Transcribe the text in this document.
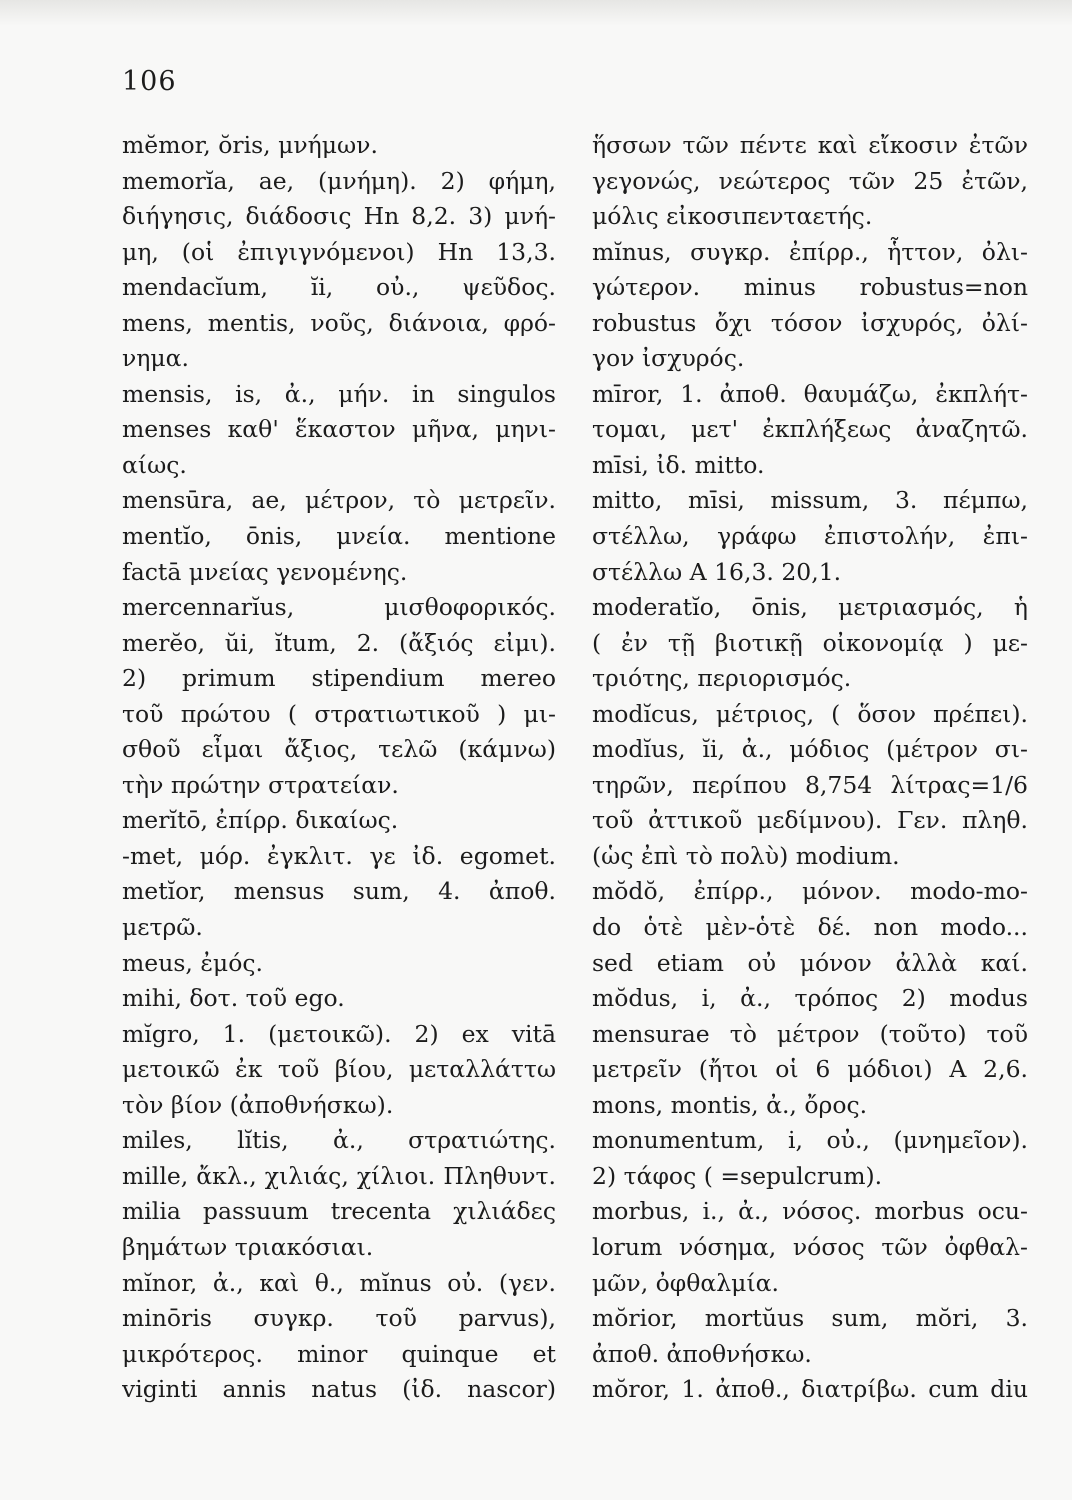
106
mĕmor, ŏris, μνήμων.
memorĭa, ae, (μνήμη). 2) φήμη,
διήγησις, διάδοσις Hn 8,2. 3) μνή-
μη, (οἱ ἐπιγιγνόμενοι) Hn 13,3.
mendacĭum, ĭi, οὐ., ψεῦδος.
mens, mentis, νοῦς, διάνοια, φρό-
νημα.
mensis, is, ἀ., μήν. in singulos
menses καθ' ἕκαστον μῆνα, μηνι-
αίως.
mensūra, ae, μέτρον, τὸ μετρεῖν.
mentĭo, ōnis, μνεία. mentione
factā μνείας γενομένης.
mercennarĭus, μισθοφορικός.
merĕo, ŭi, ĭtum, 2. (ἄξιός εἰμι).
2) primum stipendium mereo
τοῦ πρώτου ( στρατιωτικοῦ ) μι-
σθοῦ εἶμαι ἄξιος, τελῶ (κάμνω)
τὴν πρώτην στρατείαν.
merĭtō, ἐπίρρ. δικαίως.
-met, μόρ. ἐγκλιτ. γε ἰδ. egomet.
metĭor, mensus sum, 4. ἀποθ.
μετρῶ.
meus, ἐμός.
mihi, δοτ. τοῦ ego.
mĭgro, 1. (μετοικῶ). 2) ex vitā
μετοικῶ ἐκ τοῦ βίου, μεταλλάττω
τὸν βίον (ἀποθνήσκω).
miles, lĭtis, ἀ., στρατιώτης.
mille, ἄκλ., χιλιάς, χίλιοι. Πληθυντ.
milia passuum trecenta χιλιάδες
βημάτων τριακόσιαι.
mĭnor, ἀ., καὶ θ., mĭnus οὐ. (γεν.
minōris συγκρ. τοῦ parvus),
μικρότερος. minor quinque et
viginti annis natus (ἰδ. nascor)
ἥσσων τῶν πέντε καὶ εἴκοσιν ἐτῶν
γεγονώς, νεώτερος τῶν 25 ἐτῶν,
μόλις εἰκοσιπενταετής.
mĭnus, συγκρ. ἐπίρρ., ἧττον, ὀλι-
γώτερον. minus robustus=non
robustus ὄχι τόσον ἰσχυρός, ὀλί-
γον ἰσχυρός.
mīror, 1. ἀποθ. θαυμάζω, ἐκπλήτ-
τομαι, μετ' ἐκπλήξεως ἀναζητῶ.
mīsi, ἰδ. mitto.
mitto, mīsi, missum, 3. πέμπω,
στέλλω, γράφω ἐπιστολήν, ἐπι-
στέλλω A 16,3. 20,1.
moderatĭo, ōnis, μετριασμός, ἡ
( ἐν τῇ βιοτικῇ οἰκονομίᾳ ) με-
τριότης, περιορισμός.
modĭcus, μέτριος, ( ὅσον πρέπει).
modĭus, ĭi, ἀ., μόδιος (μέτρον σι-
τηρῶν, περίπου 8,754 λίτρας=1/6
τοῦ ἀττικοῦ μεδίμνου). Γεν. πληθ.
(ὡς ἐπὶ τὸ πολὺ) modium.
mŏdŏ, ἐπίρρ., μόνον. modo-mo-
do ὁτὲ μὲν-ὁτὲ δέ. non modo...
sed etiam οὐ μόνον ἀλλὰ καί.
mŏdus, i, ἀ., τρόπος 2) modus
mensurae τὸ μέτρον (τοῦτο) τοῦ
μετρεῖν (ἤτοι οἱ 6 μόδιοι) A 2,6.
mons, montis, ἀ., ὄρος.
monumentum, i, οὐ., (μνημεῖον).
2) τάφος ( =sepulcrum).
morbus, i., ἀ., νόσος. morbus ocu-
lorum νόσημα, νόσος τῶν ὀφθαλ-
μῶν, ὀφθαλμία.
mŏrior, mortŭus sum, mŏri, 3.
ἀποθ. ἀποθνήσκω.
mŏror, 1. ἀποθ., διατρίβω. cum diu
